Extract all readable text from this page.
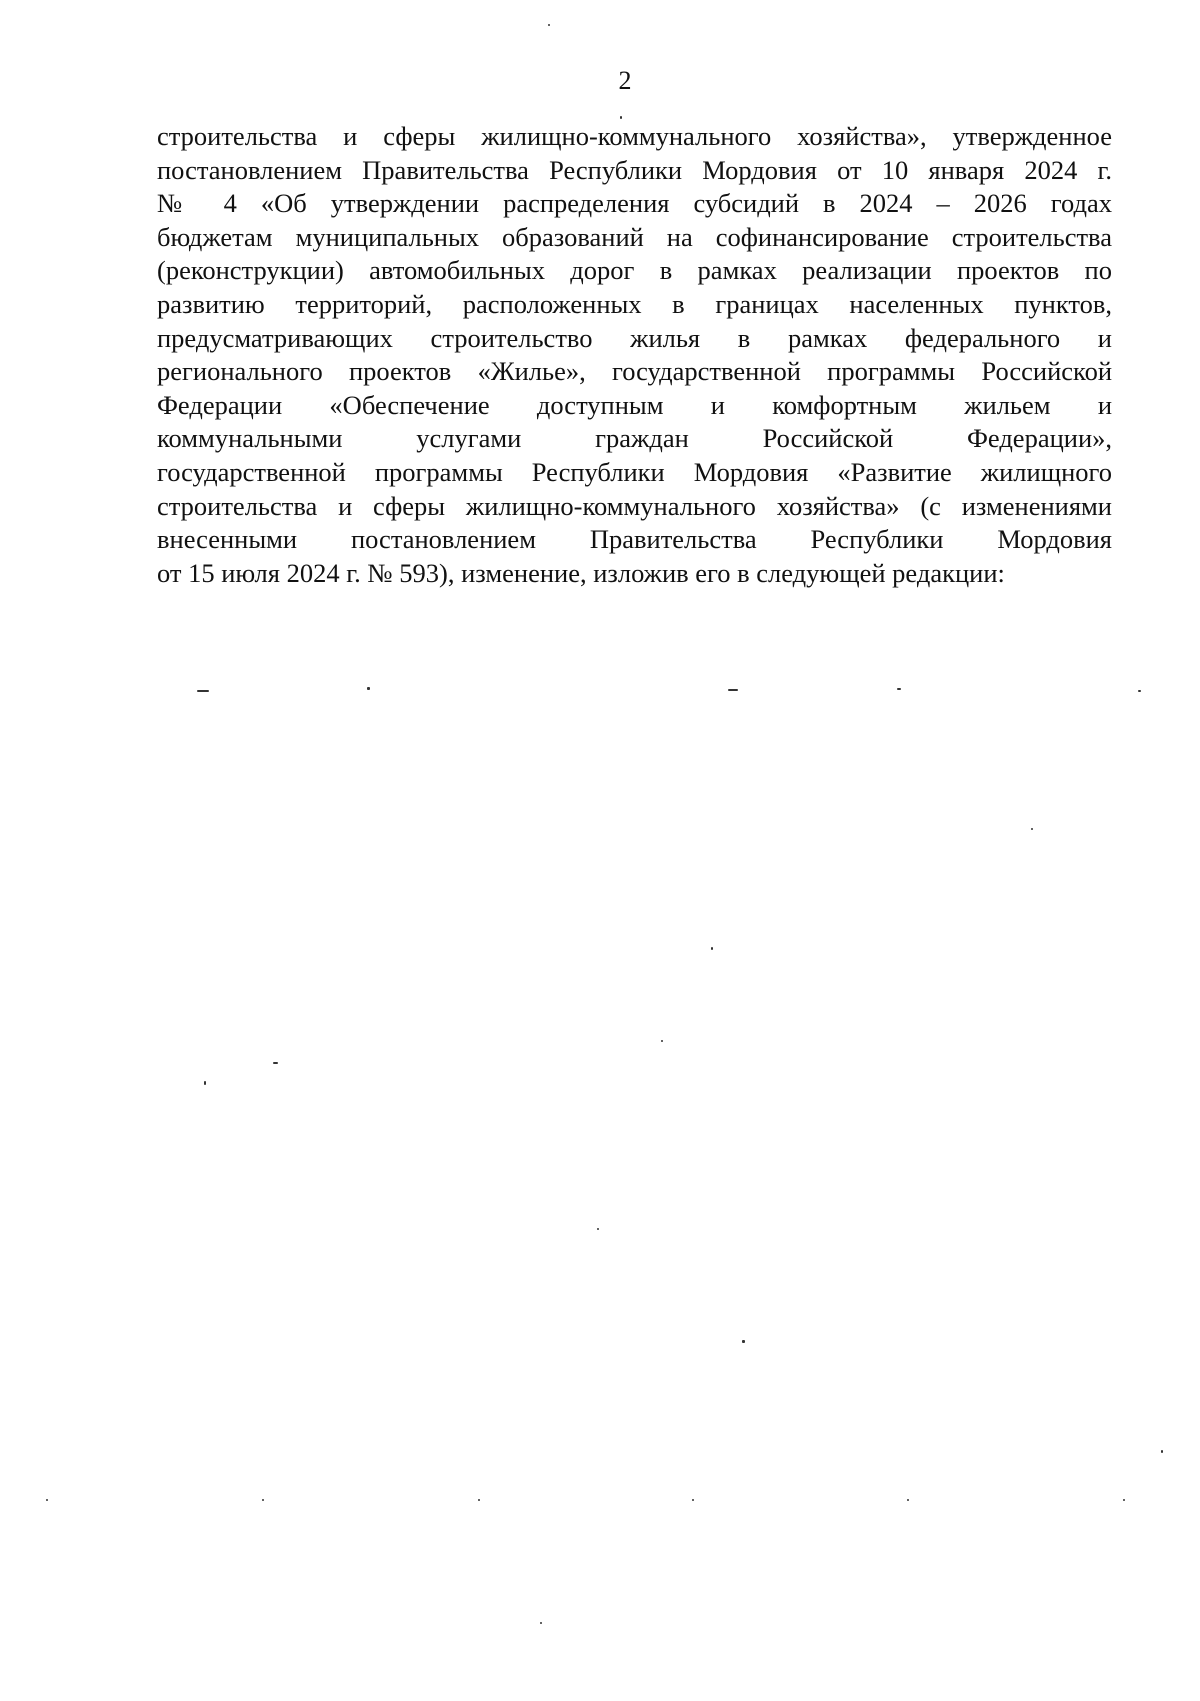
2
строительства и сферы жилищно-коммунального хозяйства», утвержденное
постановлением Правительства Республики Мордовия от 10 января 2024 г.
№ 4 «Об утверждении распределения субсидий в 2024 – 2026 годах
бюджетам муниципальных образований на софинансирование строительства
(реконструкции) автомобильных дорог в рамках реализации проектов по
развитию территорий, расположенных в границах населенных пунктов,
предусматривающих строительство жилья в рамках федерального и
регионального проектов «Жилье», государственной программы Российской
Федерации «Обеспечение доступным и комфортным жильем и
коммунальными услугами граждан Российской Федерации»,
государственной программы Республики Мордовия «Развитие жилищного
строительства и сферы жилищно-коммунального хозяйства» (с изменениями
внесенными постановлением Правительства Республики Мордовия
от 15 июля 2024 г. № 593), изменение, изложив его в следующей редакции:
